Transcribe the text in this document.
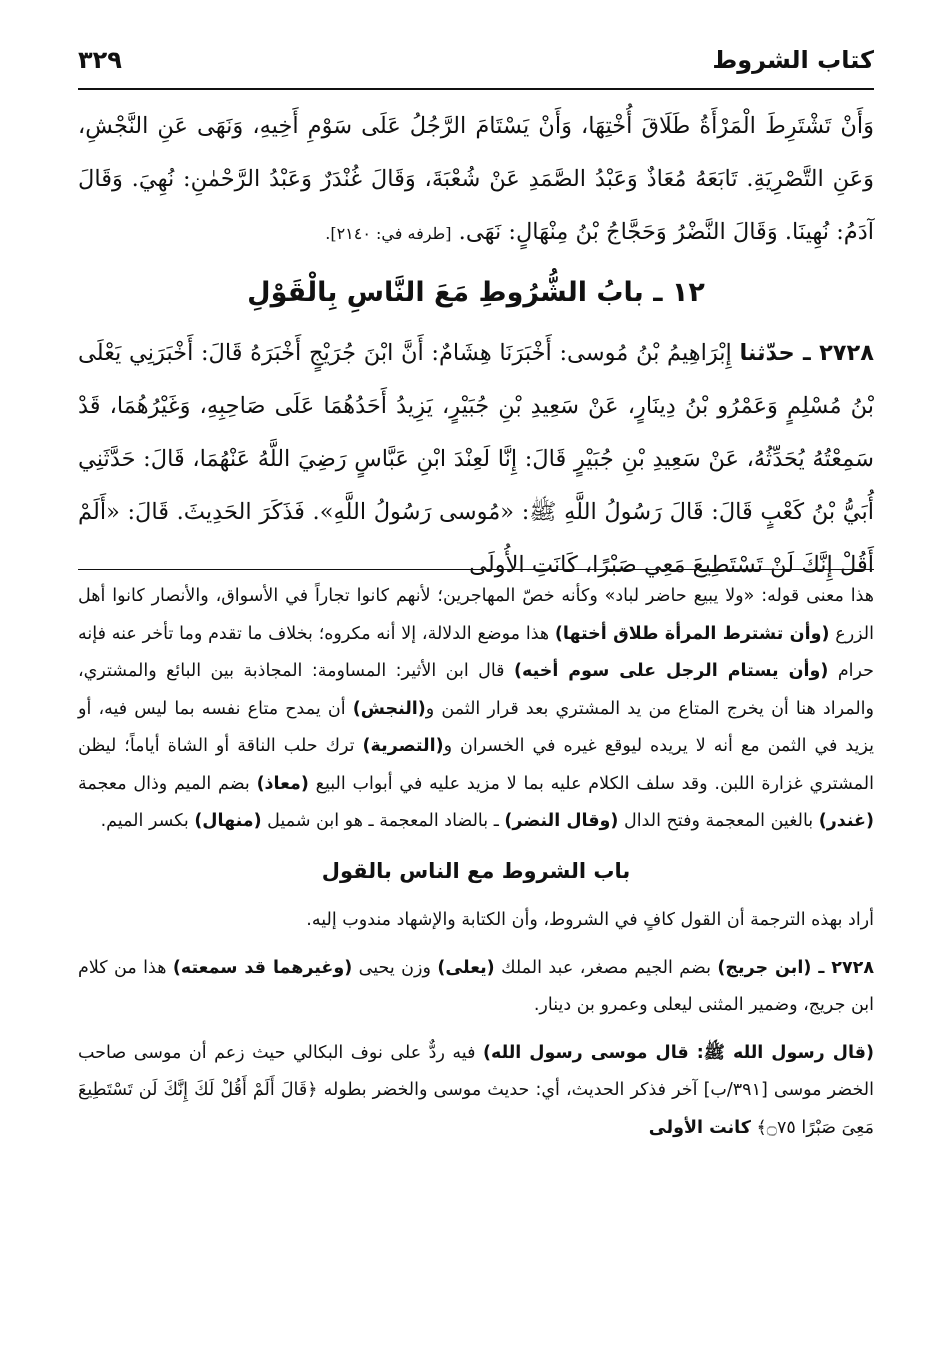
كتاب الشروط
٣٢٩

وَأَنْ تَشْتَرِطَ الْمَرْأَةُ طَلَاقَ أُخْتِهَا، وَأَنْ يَسْتَامَ الرَّجُلُ عَلَى سَوْمِ أَخِيهِ، وَنَهَى عَنِ النَّجْشِ، وَعَنِ التَّصْرِيَةِ. تَابَعَهُ مُعَاذٌ وَعَبْدُ الصَّمَدِ عَنْ شُعْبَةَ، وَقَالَ غُنْدَرٌ وَعَبْدُ الرَّحْمٰنِ: نُهِيَ. وَقَالَ آدَمُ: نُهِينَا. وَقَالَ النَّضْرُ وَحَجَّاجُ بْنُ مِنْهَالٍ: نَهَى. [طرفه في: ٢١٤٠].

١٢ ـ بابُ الشُّرُوطِ مَعَ النَّاسِ بِالْقَوْلِ

٢٧٢٨ ـ حدّثنا إِبْرَاهِيمُ بْنُ مُوسى: أَخْبَرَنَا هِشَامٌ: أَنَّ ابْنَ جُرَيْجٍ أَخْبَرَهُ قَالَ: أَخْبَرَنِي يَعْلَى بْنُ مُسْلِمٍ وَعَمْرُو بْنُ دِينَارٍ، عَنْ سَعِيدِ بْنِ جُبَيْرٍ، يَزِيدُ أَحَدُهُمَا عَلَى صَاحِبِهِ، وَغَيْرُهُمَا، قَدْ سَمِعْتُهُ يُحَدِّثُهُ، عَنْ سَعِيدِ بْنِ جُبَيْرٍ قَالَ: إِنَّا لَعِنْدَ ابْنِ عَبَّاسٍ رَضِيَ اللَّهُ عَنْهُمَا، قَالَ: حَدَّثَنِي أُبَيُّ بْنُ كَعْبٍ قَالَ: قَالَ رَسُولُ اللَّهِ ﷺ: «مُوسى رَسُولُ اللَّهِ». فَذَكَرَ الحَدِيثَ. قَالَ: «أَلَمْ أَقُلْ إِنَّكَ لَنْ تَسْتَطِيعَ مَعِي صَبْرًا، كَانَتِ الأُولَى

هذا معنى قوله: «ولا يبيع حاضر لباد» وكأنه خصّ المهاجرين؛ لأنهم كانوا تجاراً في الأسواق، والأنصار كانوا أهل الزرع (وأن تشترط المرأة طلاق أختها) هذا موضع الدلالة، إلا أنه مكروه؛ بخلاف ما تقدم وما تأخر عنه فإنه حرام (وأن يستام الرجل على سوم أخيه) قال ابن الأثير: المساومة: المجاذبة بين البائع والمشتري، والمراد هنا أن يخرج المتاع من يد المشتري بعد قرار الثمن و(النجش) أن يمدح متاع نفسه بما ليس فيه، أو يزيد في الثمن مع أنه لا يريده ليوقع غيره في الخسران و(التصرية) ترك حلب الناقة أو الشاة أياماً؛ ليظن المشتري غزارة اللبن. وقد سلف الكلام عليه بما لا مزيد عليه في أبواب البيع (معاذ) بضم الميم وذال معجمة (غندر) بالغين المعجمة وفتح الدال (وقال النضر) ـ بالضاد المعجمة ـ هو ابن شميل (منهال) بكسر الميم.

باب الشروط مع الناس بالقول

أراد بهذه الترجمة أن القول كافٍ في الشروط، وأن الكتابة والإشهاد مندوب إليه.

٢٧٢٨ ـ (ابن جريج) بضم الجيم مصغر، عبد الملك (يعلى) وزن يحيى (وغيرهما قد سمعته) هذا من كلام ابن جريج، وضمير المثنى ليعلى وعمرو بن دينار.

(قال رسول الله ﷺ: قال موسى رسول الله) فيه ردٌّ على نوف البكالي حيث زعم أن موسى صاحب الخضر موسى [٣٩١/ب] آخر فذكر الحديث، أي: حديث موسى والخضر بطوله ﴿قَالَ أَلَمْ أَقُلْ لَكَ إِنَّكَ لَن تَسْتَطِيعَ مَعِىَ صَبْرًا ۝٧٥﴾ كانت الأولى
